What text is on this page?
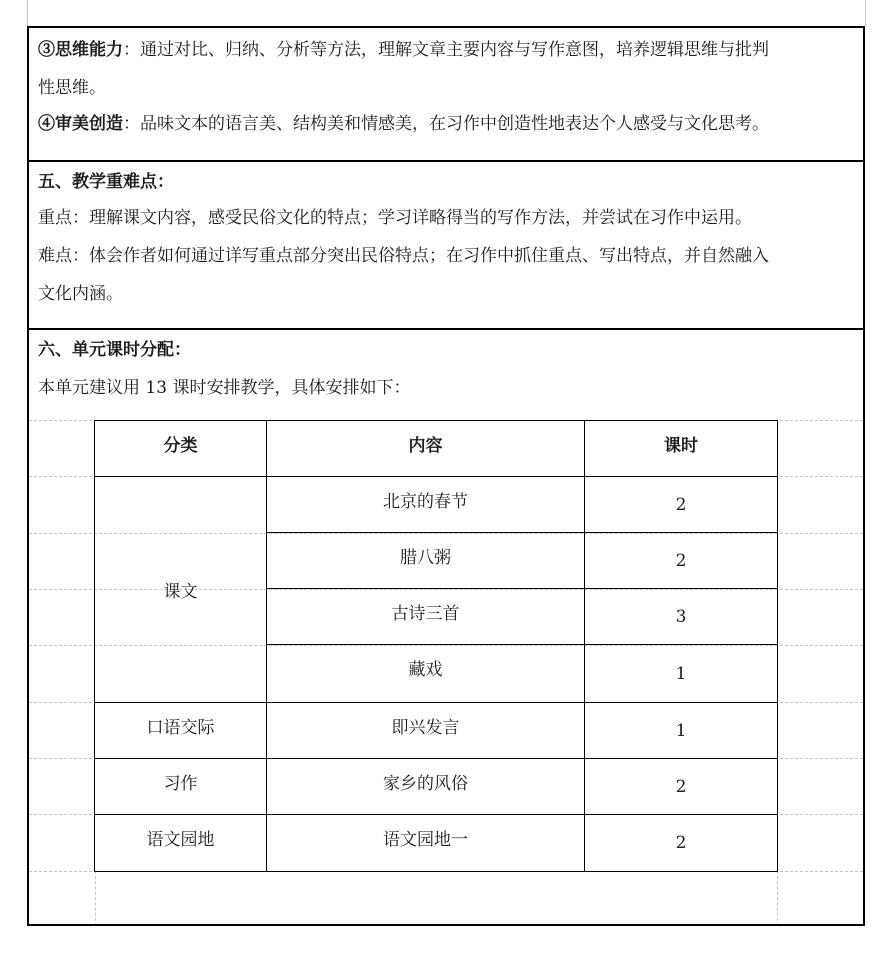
③思维能力：通过对比、归纳、分析等方法，理解文章主要内容与写作意图，培养逻辑思维与批判
性思维。
④审美创造：品味文本的语言美、结构美和情感美，在习作中创造性地表达个人感受与文化思考。
五、教学重难点：
重点：理解课文内容，感受民俗文化的特点；学习详略得当的写作方法，并尝试在习作中运用。
难点：体会作者如何通过详写重点部分突出民俗特点；在习作中抓住重点、写出特点，并自然融入
文化内涵。
六、单元课时分配：
本单元建议用 13 课时安排教学，具体安排如下：
分类	内容	课时
课文
北京的春节	2
腊八粥	2
古诗三首	3
藏戏	1
口语交际	即兴发言	1
习作	家乡的风俗	2
语文园地	语文园地一	2
